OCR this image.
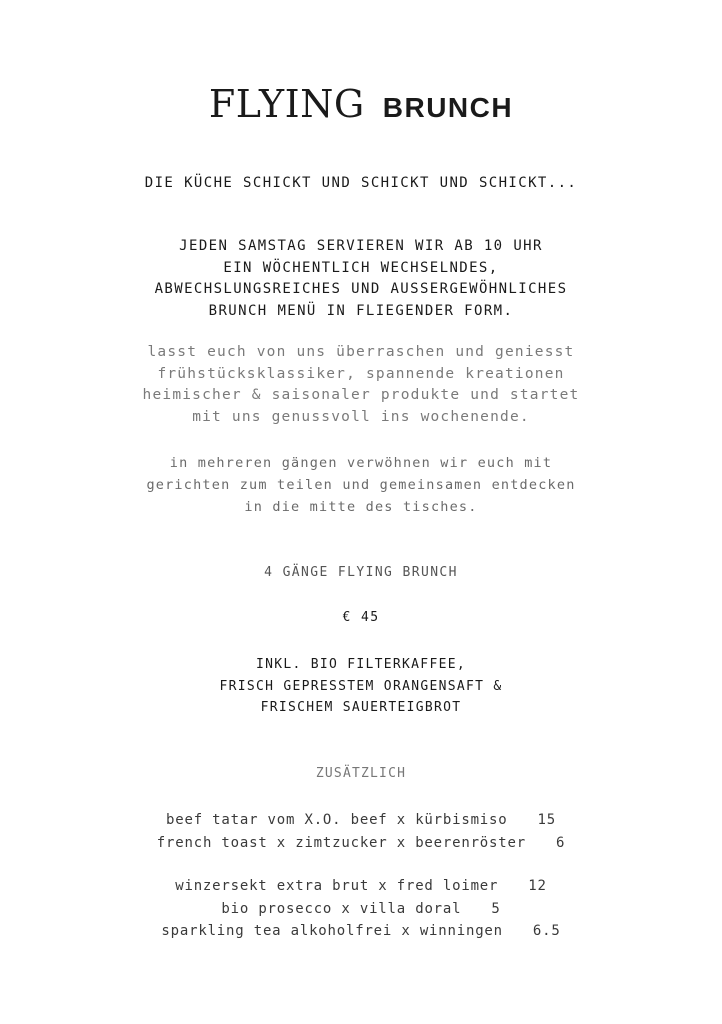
FLYING BRUNCH
DIE KÜCHE SCHICKT UND SCHICKT UND SCHICKT...
JEDEN SAMSTAG SERVIEREN WIR AB 10 UHR
EIN WÖCHENTLICH WECHSELNDES,
ABWECHSLUNGSREICHES UND AUSSERGEWÖHNLICHES
BRUNCH MENÜ IN FLIEGENDER FORM.
lasst euch von uns überraschen und geniesst
frühstücksklassiker, spannende kreationen
heimischer & saisonaler produkte und startet
mit uns genussvoll ins wochenende.
in mehreren gängen verwöhnen wir euch mit
gerichten zum teilen und gemeinsamen entdecken
in die mitte des tisches.
4 GÄNGE FLYING BRUNCH
€ 45
INKL. BIO FILTERKAFFEE,
FRISCH GEPRESSTEM ORANGENSAFT &
FRISCHEM SAUERTEIGBROT
ZUSÄTZLICH
beef tatar vom X.O. beef x kürbismiso 15
french toast x zimtzucker x beerenröster 6
winzersekt extra brut x fred loimer 12
bio prosecco x villa doral 5
sparkling tea alkoholfrei x winningen 6.5
